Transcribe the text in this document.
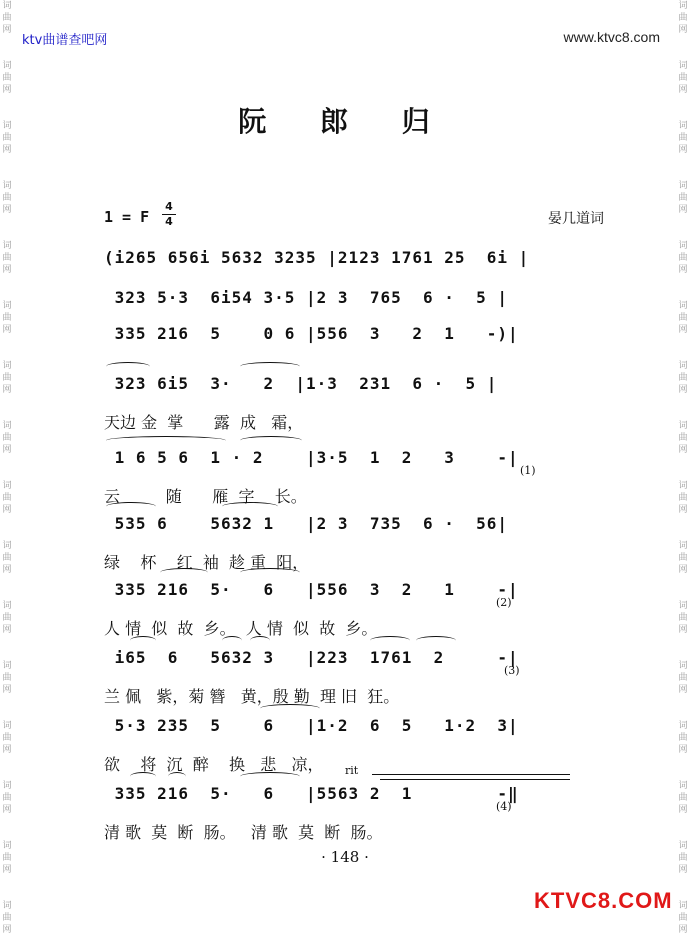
词
曲
网
词
曲
网
词
曲
网
词
曲
网
词
曲
网
词
曲
网
词
曲
网
词
曲
网
词
曲
网
词
曲
网
词
曲
网
词
曲
网
词
曲
网
词
曲
网
词
曲
网
词
曲
网
词
曲
网
词
曲
网
词
曲
网
词
曲
网
词
曲
网
词
曲
网
词
曲
网
词
曲
网
词
曲
网
词
曲
网
词
曲
网
词
曲
网
词
曲
网
词
曲
网
词
曲
网
词
曲
网
ktv曲谱查吧网	www.ktvc8.com
阮 郎 归
1 = F
4
4	晏几道词
(i265 656i 5632 3235 |2123 1761 25  6i |
323 5·3  6i54 3·5 |2 3  765  6 ·  5 |
335 216  5    0 6 |556  3   2  1   -)|
323 6i5  3·   2  |1·3  231  6 ·  5 |
天边 金  掌      露  成   霜，
1 6 5 6  1 · 2    |3·5  1  2   3    -|
云         随      雁  字    长。
(1)
535 6    5632 1   |2 3  735  6 ·  56|
绿    杯    红  袖  趁 重  阳，
335 216  5·   6   |556  3  2   1    -|
人 情  似  故  乡。  人 情  似  故  乡。
(2)
i65  6   5632 3   |223  1761  2     -|
兰 佩   紫，菊 簪   黄，殷 勤  理 旧  狂。
(3)
5·3 235  5    6   |1·2  6  5   1·2  3|
欲    将  沉  醉    换   悲   凉， rit
335 216  5·   6   |5563 2  1        -‖
清 歌  莫  断  肠。   清 歌  莫  断  肠。
(4)
· 148 ·
KTVC8.COM
